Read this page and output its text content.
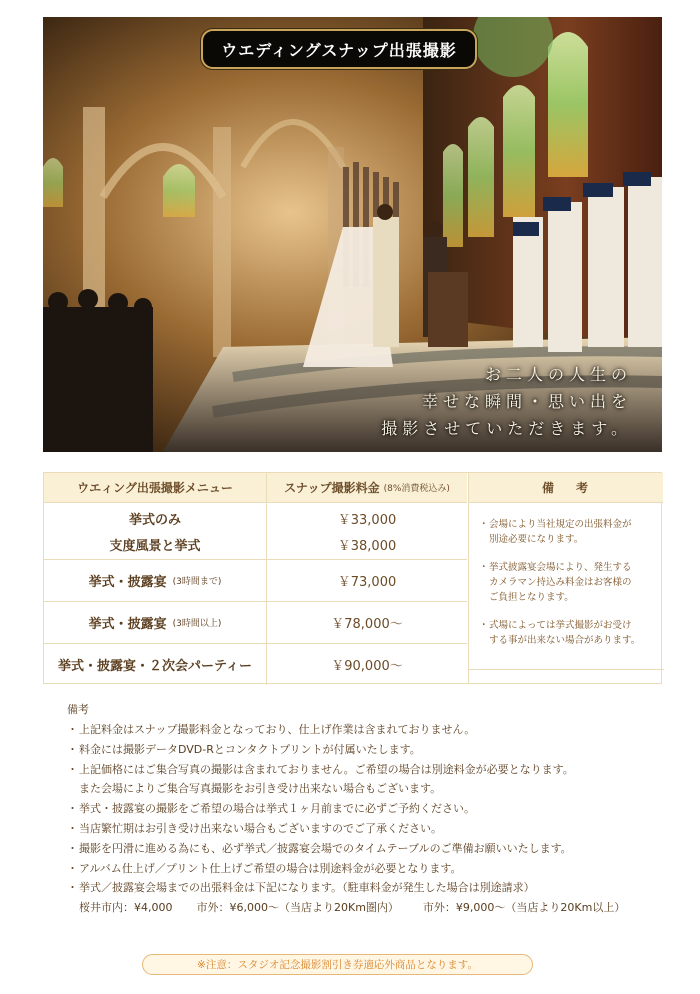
ウエディングスナップ出張撮影
お二人の人生の
幸せな瞬間・思い出を
撮影させていただきます。
ウエィング出張撮影メニュー
挙式のみ
支度風景と挙式
挙式・披露宴 (3時間まで)
挙式・披露宴 (3時間以上)
挙式・披露宴・２次会パーティー
スナップ撮影料金 (8%消費税込み)
￥33,000
￥38,000
￥73,000
￥78,000～
￥90,000～
備考
・ 会場により当社規定の出張料金が
別途必要になります。
・ 挙式披露宴会場により、発生する
カメラマン持込み料金はお客様の
ご負担となります。
・ 式場によっては挙式撮影がお受け
する事が出来ない場合があります。
備考
・ 上記料金はスナップ撮影料金となっており、仕上げ作業は含まれておりません。
・ 料金には撮影データDVD-Rとコンタクトプリントが付属いたします。
・ 上記価格にはご集合写真の撮影は含まれておりません。ご希望の場合は別途料金が必要となります。
また会場によりご集合写真撮影をお引き受け出来ない場合もございます。
・ 挙式・披露宴の撮影をご希望の場合は挙式１ヶ月前までに必ずご予約ください。
・ 当店繁忙期はお引き受け出来ない場合もございますのでご了承ください。
・ 撮影を円滑に進める為にも、必ず挙式／披露宴会場でのタイムテーブルのご準備お願いいたします。
・ アルバム仕上げ／プリント仕上げご希望の場合は別途料金が必要となります。
・ 挙式／披露宴会場までの出張料金は下記になります。（駐車料金が発生した場合は別途請求）
桜井市内：¥4,000 市外：¥6,000～（当店より20Km圏内） 市外：¥9,000～（当店より20Km以上）
※注意：スタジオ記念撮影割引き券適応外商品となります。
